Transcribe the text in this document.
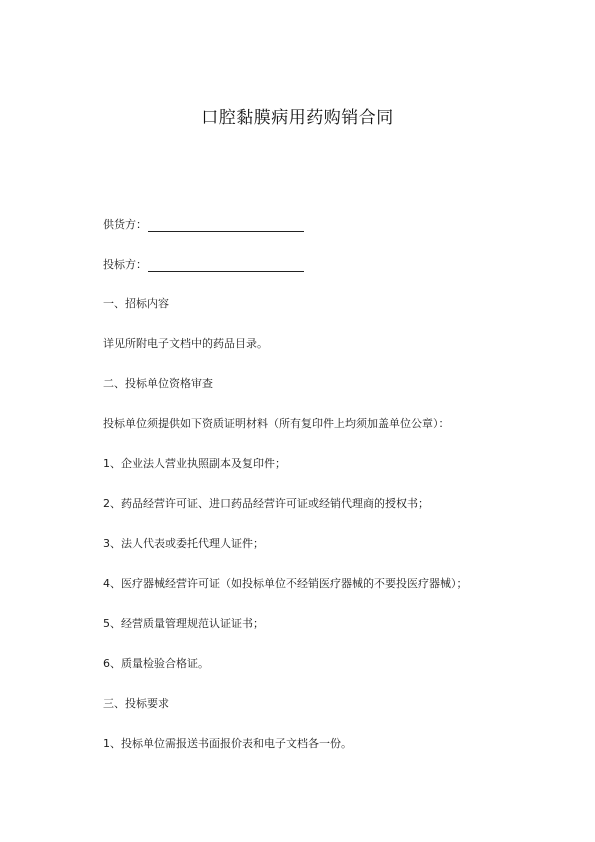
口腔黏膜病用药购销合同
供货方：
投标方：
一、招标内容
详见所附电子文档中的药品目录。
二、投标单位资格审查
投标单位须提供如下资质证明材料（所有复印件上均须加盖单位公章）：
1、企业法人营业执照副本及复印件；
2、药品经营许可证、进口药品经营许可证或经销代理商的授权书；
3、法人代表或委托代理人证件；
4、医疗器械经营许可证（如投标单位不经销医疗器械的不要投医疗器械）；
5、经营质量管理规范认证证书；
6、质量检验合格证。
三、投标要求
1、投标单位需报送书面报价表和电子文档各一份。
